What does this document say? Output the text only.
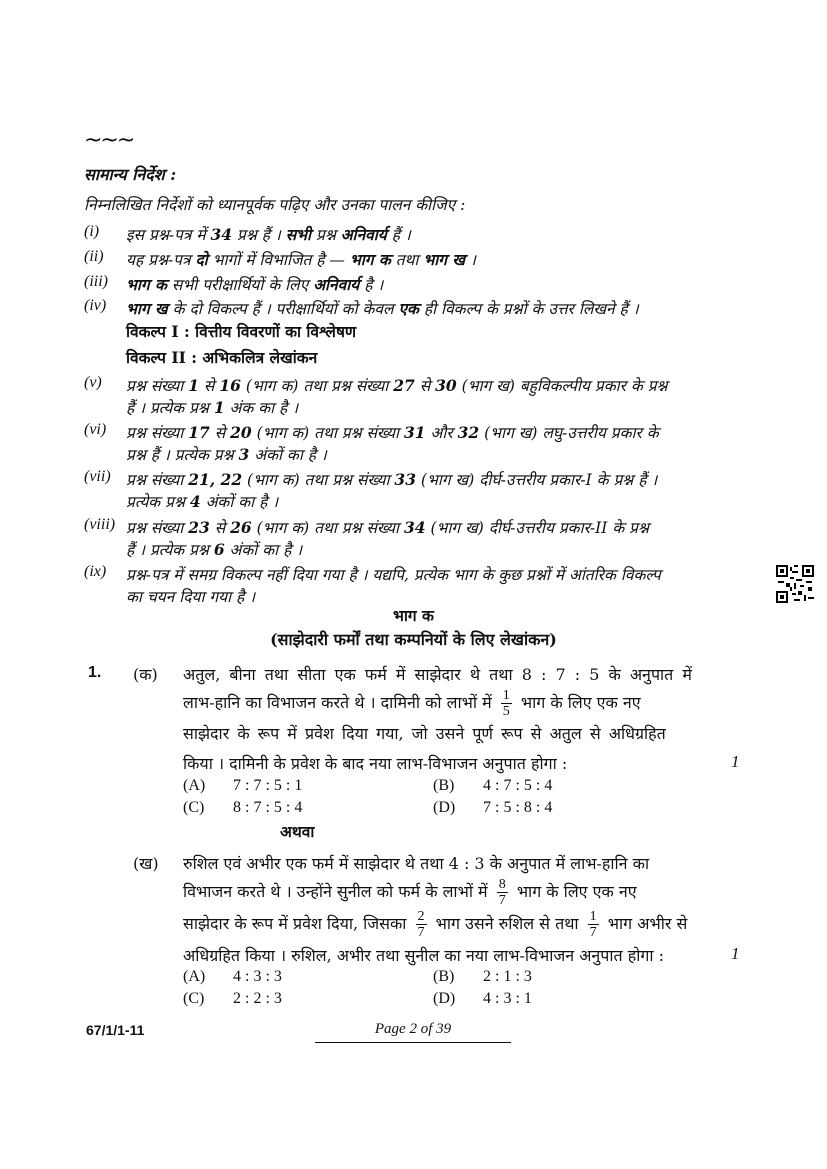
~~~
सामान्य निर्देश :
निम्नलिखित निर्देशों को ध्यानपूर्वक पढ़िए और उनका पालन कीजिए :
(i) इस प्रश्न-पत्र में 34 प्रश्न हैं । सभी प्रश्न अनिवार्य हैं ।
(ii) यह प्रश्न-पत्र दो भागों में विभाजित है — भाग क तथा भाग ख ।
(iii) भाग क सभी परीक्षार्थियों के लिए अनिवार्य है ।
(iv) भाग ख के दो विकल्प हैं । परीक्षार्थियों को केवल एक ही विकल्प के प्रश्नों के उत्तर लिखने हैं ।
(v) प्रश्न संख्या 1 से 16 (भाग क) तथा प्रश्न संख्या 27 से 30 (भाग ख) बहुविकल्पीय प्रकार के प्रश्न
हैं । प्रत्येक प्रश्न 1 अंक का है ।
(vi) प्रश्न संख्या 17 से 20 (भाग क) तथा प्रश्न संख्या 31 और 32 (भाग ख) लघु-उत्तरीय प्रकार के
प्रश्न हैं । प्रत्येक प्रश्न 3 अंकों का है ।
(vii) प्रश्न संख्या 21, 22 (भाग क) तथा प्रश्न संख्या 33 (भाग ख) दीर्घ-उत्तरीय प्रकार-I के प्रश्न हैं ।
प्रत्येक प्रश्न 4 अंकों का है ।
(viii) प्रश्न संख्या 23 से 26 (भाग क) तथा प्रश्न संख्या 34 (भाग ख) दीर्घ-उत्तरीय प्रकार-II के प्रश्न
हैं । प्रत्येक प्रश्न 6 अंकों का है ।
(ix) प्रश्न-पत्र में समग्र विकल्प नहीं दिया गया है । यद्यपि, प्रत्येक भाग के कुछ प्रश्नों में आंतरिक विकल्प
का चयन दिया गया है ।
विकल्प I : वित्तीय विवरणों का विश्लेषण
विकल्प II : अभिकलित्र लेखांकन
भाग क
(साझेदारी फर्मों तथा कम्पनियों के लिए लेखांकन)
1. (क) अतुल, बीना तथा सीता एक फर्म में साझेदार थे तथा 8 : 7 : 5 के अनुपात में
लाभ-हानि का विभाजन करते थे । दामिनी को लाभों में $\frac{1}{5}$ भाग के लिए एक नए
साझेदार के रूप में प्रवेश दिया गया, जो उसने पूर्ण रूप से अतुल से अधिग्रहित
किया । दामिनी के प्रवेश के बाद नया लाभ-विभाजन अनुपात होगा :	1
(A) 7 : 7 : 5 : 1	(B) 4 : 7 : 5 : 4
(C) 8 : 7 : 5 : 4	(D) 7 : 5 : 8 : 4
अथवा
(ख) रुशिल एवं अभीर एक फर्म में साझेदार थे तथा 4 : 3 के अनुपात में लाभ-हानि का
विभाजन करते थे । उन्होंने सुनील को फर्म के लाभों में $\frac{8}{7}$ भाग के लिए एक नए
साझेदार के रूप में प्रवेश दिया, जिसका $\frac{2}{7}$ भाग उसने रुशिल से तथा $\frac{1}{7}$ भाग अभीर से
अधिग्रहित किया । रुशिल, अभीर तथा सुनील का नया लाभ-विभाजन अनुपात होगा :	1
(A) 4 : 3 : 3	(B) 2 : 1 : 3
(C) 2 : 2 : 3	(D) 4 : 3 : 1
67/1/1-11	Page 2 of 39
